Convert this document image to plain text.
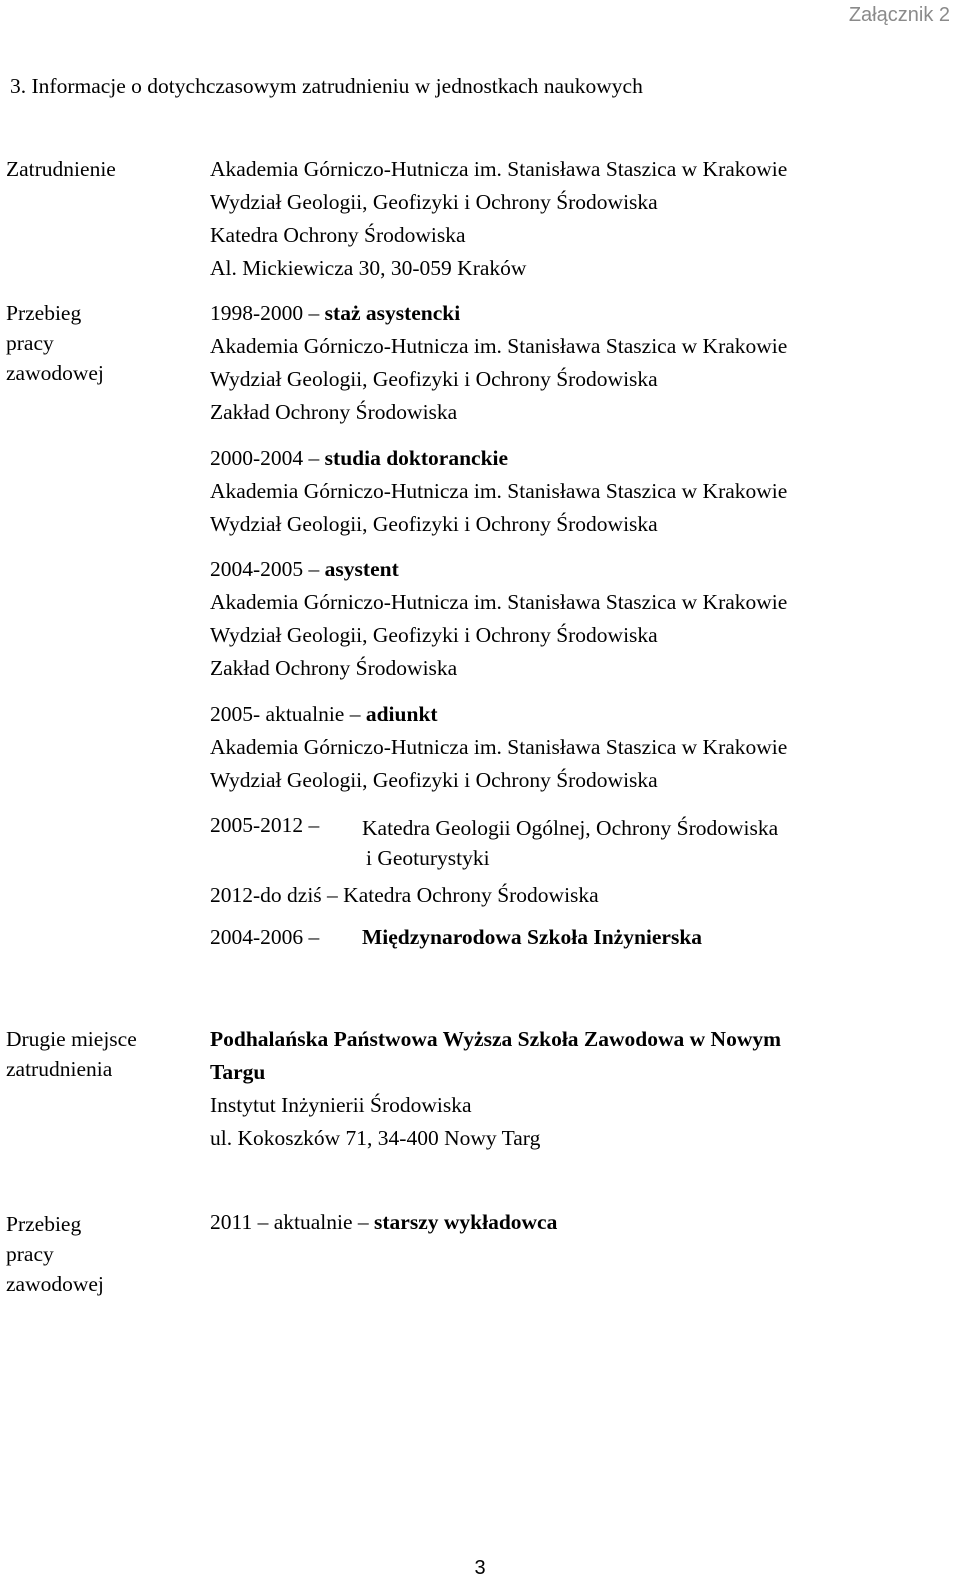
Załącznik 2
3. Informacje o dotychczasowym zatrudnieniu w jednostkach naukowych
Zatrudnienie	Akademia Górniczo-Hutnicza im. Stanisława Staszica w Krakowie
Wydział Geologii, Geofizyki i Ochrony Środowiska
Katedra Ochrony Środowiska
Al. Mickiewicza 30, 30-059 Kraków
Przebieg
pracy
zawodowej
1998-2000 – staż asystencki
Akademia Górniczo-Hutnicza im. Stanisława Staszica w Krakowie
Wydział Geologii, Geofizyki i Ochrony Środowiska
Zakład Ochrony Środowiska
2000-2004 – studia doktoranckie
Akademia Górniczo-Hutnicza im. Stanisława Staszica w Krakowie
Wydział Geologii, Geofizyki i Ochrony Środowiska
2004-2005 – asystent
Akademia Górniczo-Hutnicza im. Stanisława Staszica w Krakowie
Wydział Geologii, Geofizyki i Ochrony Środowiska
Zakład Ochrony Środowiska
2005- aktualnie – adiunkt
Akademia Górniczo-Hutnicza im. Stanisława Staszica w Krakowie
Wydział Geologii, Geofizyki i Ochrony Środowiska
2005-2012 – Katedra Geologii Ogólnej, Ochrony Środowiska
i Geoturystyki
2012-do dziś – Katedra Ochrony Środowiska
2004-2006 – Międzynarodowa Szkoła Inżynierska
Drugie miejsce
zatrudnienia
Podhalańska Państwowa Wyższa Szkoła Zawodowa w Nowym
Targu
Instytut Inżynierii Środowiska
ul. Kokoszków 71, 34-400 Nowy Targ
Przebieg
pracy
zawodowej
2011 – aktualnie – starszy wykładowca
3
